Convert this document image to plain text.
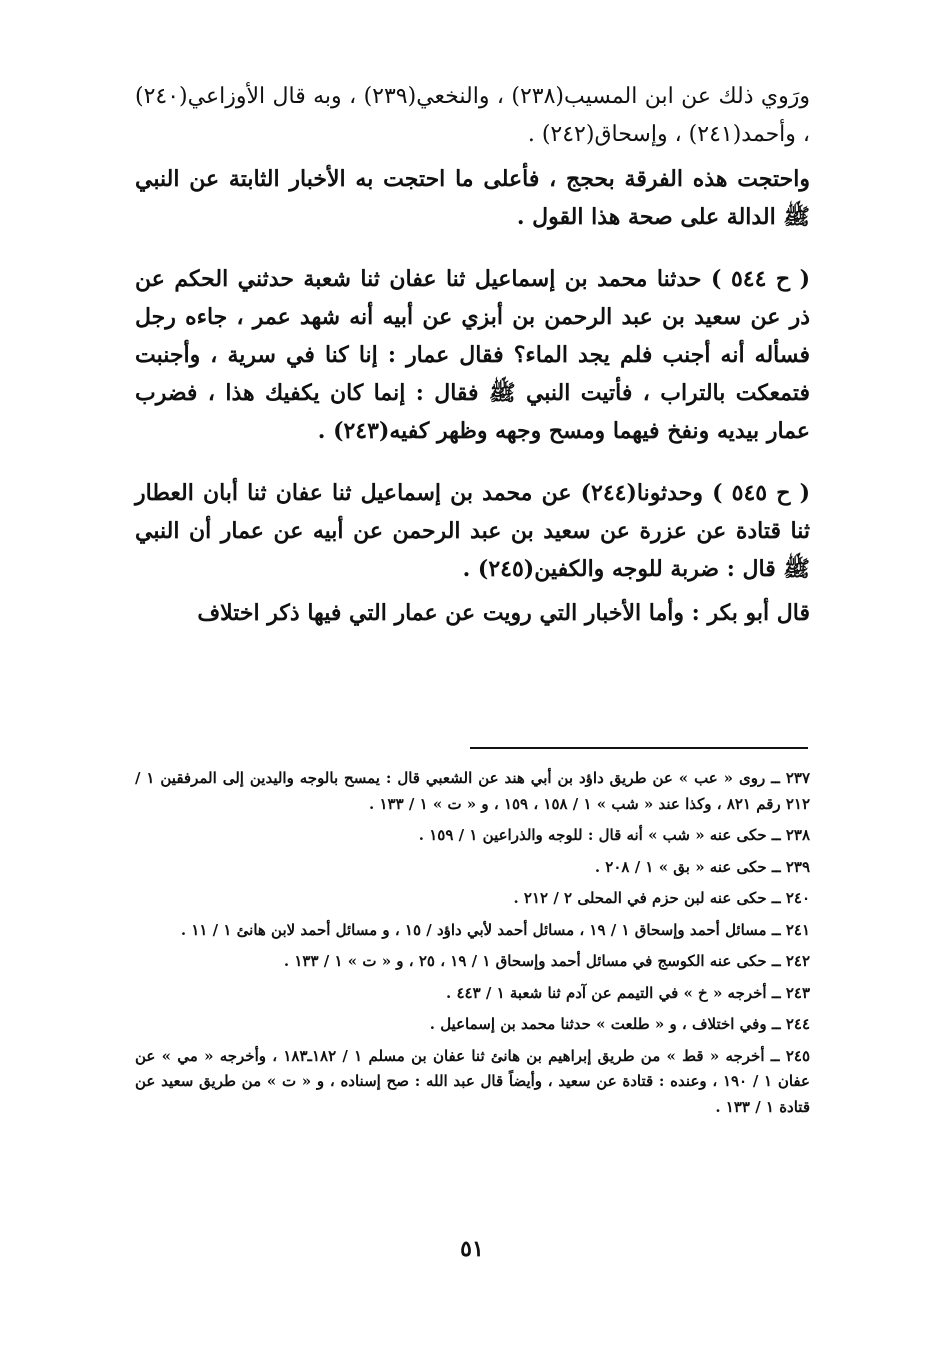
ورَوي ذلك عن ابن المسيب(٢٣٨) ، والنخعي(٢٣٩) ، وبه قال الأوزاعي(٢٤٠) ، وأحمد(٢٤١) ، وإسحاق(٢٤٢) .

واحتجت هذه الفرقة بحجج ، فأعلى ما احتجت به الأخبار الثابتة عن النبي ﷺ الدالة على صحة هذا القول .

( ح ٥٤٤ ) حدثنا محمد بن إسماعيل ثنا عفان ثنا شعبة حدثني الحكم عن ذر عن سعيد بن عبد الرحمن بن أبزي عن أبيه أنه شهد عمر ، جاءه رجل فسأله أنه أجنب فلم يجد الماء؟ فقال عمار : إنا كنا في سرية ، وأجنبت فتمعكت بالتراب ، فأتيت النبي ﷺ فقال : إنما كان يكفيك هذا ، فضرب عمار بيديه ونفخ فيهما ومسح وجهه وظهر كفيه(٢٤٣) .

( ح ٥٤٥ ) وحدثونا(٢٤٤) عن محمد بن إسماعيل ثنا عفان ثنا أبان العطار ثنا قتادة عن عزرة عن سعيد بن عبد الرحمن عن أبيه عن عمار أن النبي ﷺ قال : ضربة للوجه والكفين(٢٤٥) .

قال أبو بكر : وأما الأخبار التي رويت عن عمار التي فيها ذكر اختلاف

٢٣٧ ــ روى « عب » عن طريق داؤد بن أبي هند عن الشعبي قال : يمسح بالوجه واليدين إلى المرفقين ١ / ٢١٢ رقم ٨٢١ ، وكذا عند « شب » ١ / ١٥٨ ، ١٥٩ ، و « ت » ١ / ١٣٣ .

٢٣٨ ــ حكى عنه « شب » أنه قال : للوجه والذراعين ١ / ١٥٩ .

٢٣٩ ــ حكى عنه « بق » ١ / ٢٠٨ .

٢٤٠ ــ حكى عنه لبن حزم في المحلى ٢ / ٢١٢ .

٢٤١ ــ مسائل أحمد وإسحاق ١ / ١٩ ، مسائل أحمد لأبي داؤد / ١٥ ، و مسائل أحمد لابن هانئ ١ / ١١ .

٢٤٢ ــ حكى عنه الكوسج في مسائل أحمد وإسحاق ١ / ١٩ ، ٢٥ ، و « ت » ١ / ١٣٣ .

٢٤٣ ــ أخرجه « خ » في التيمم عن آدم ثنا شعبة ١ / ٤٤٣ .

٢٤٤ ــ وفي اختلاف ، و « طلعت » حدثنا محمد بن إسماعيل .

٢٤٥ ــ أخرجه « قط » من طريق إبراهيم بن هانئ ثنا عفان بن مسلم ١ / ١٨٢ـ١٨٣ ، وأخرجه « مي » عن عفان ١ / ١٩٠ ، وعنده : قتادة عن سعيد ، وأيضاً قال عبد الله : صح إسناده ، و « ت » من طريق سعيد عن قتادة ١ / ١٣٣ .

٥١
